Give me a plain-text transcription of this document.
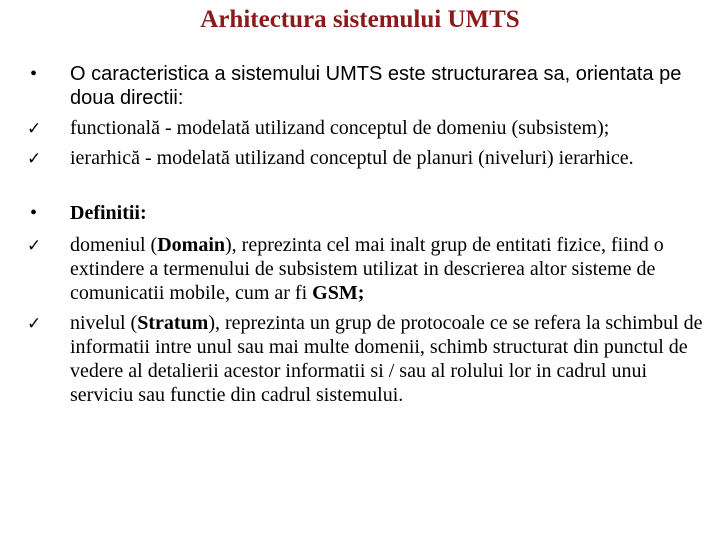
Arhitectura sistemului UMTS
• O caracteristica a sistemului UMTS este structurarea sa, orientata pe doua directii:
✓ functională - modelată utilizand conceptul de domeniu (subsistem);
✓ ierarhică - modelată utilizand conceptul de planuri (niveluri) ierarhice.
• Definitii:
✓ domeniul (Domain), reprezinta cel mai inalt grup de entitati fizice, fiind o extindere a termenului de subsistem utilizat in descrierea altor sisteme de comunicatii mobile, cum ar fi GSM;
✓ nivelul (Stratum), reprezinta un grup de protocoale ce se refera la schimbul de informatii intre unul sau mai multe domenii, schimb structurat din punctul de vedere al detalierii acestor informatii si / sau al rolului lor in cadrul unui serviciu sau functie din cadrul sistemului.
